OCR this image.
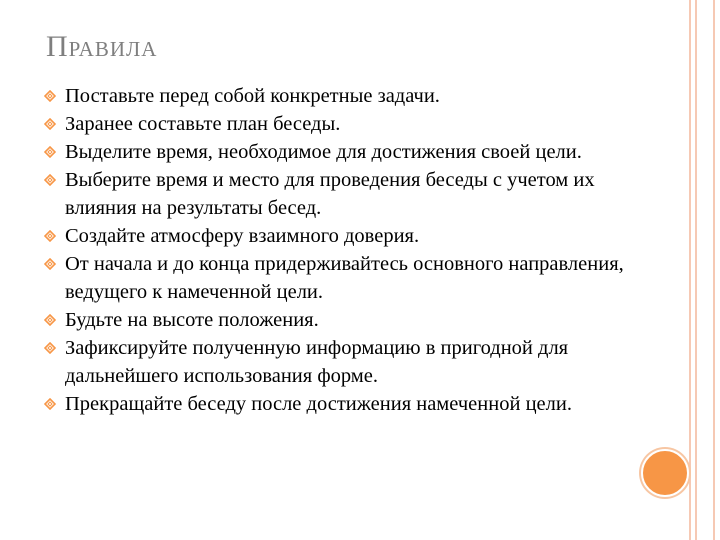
ПРАВИЛА
Поставьте перед собой конкретные задачи.
Заранее составьте план беседы.
Выделите время, необходимое для достижения своей цели.
Выберите время и место для проведения беседы с учетом их влияния на результаты бесед.
Создайте атмосферу взаимного доверия.
От начала и до конца придерживайтесь основного направления, ведущего к намеченной цели.
Будьте на высоте положения.
Зафиксируйте полученную информацию в пригодной для дальнейшего использования форме.
Прекращайте беседу после достижения намеченной цели.
